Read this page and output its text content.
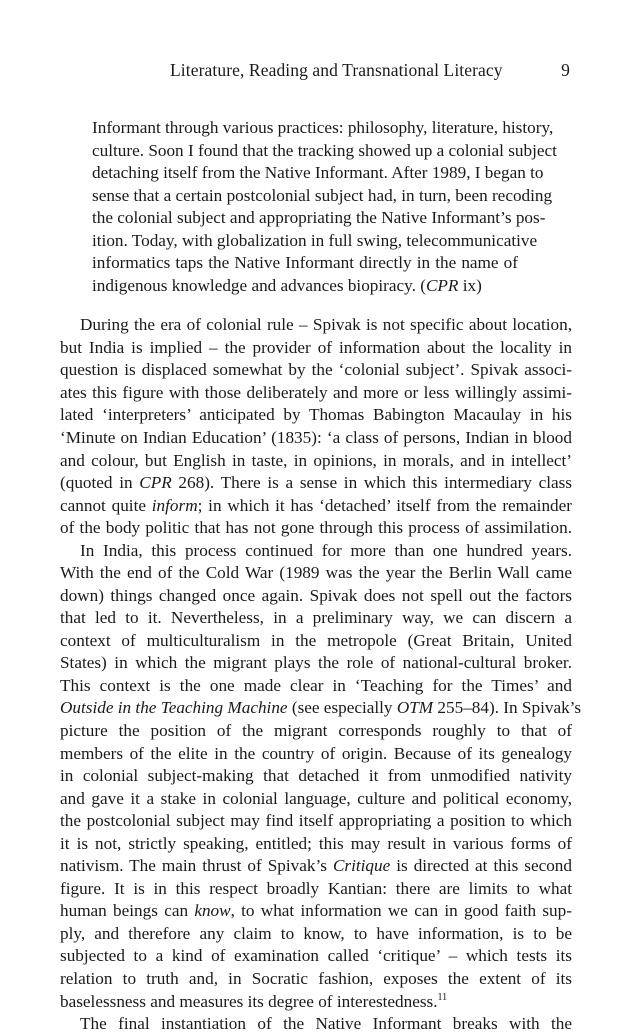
Literature, Reading and Transnational Literacy	9
Informant through various practices: philosophy, literature, history,
culture. Soon I found that the tracking showed up a colonial subject
detaching itself from the Native Informant. After 1989, I began to
sense that a certain postcolonial subject had, in turn, been recoding
the colonial subject and appropriating the Native Informant’s pos-
ition. Today, with globalization in full swing, telecommunicative
informatics taps the Native Informant directly in the name of
indigenous knowledge and advances biopiracy. (CPR ix)
During the era of colonial rule – Spivak is not specific about location,
but India is implied – the provider of information about the locality in
question is displaced somewhat by the ‘colonial subject’. Spivak associ-
ates this figure with those deliberately and more or less willingly assimi-
lated ‘interpreters’ anticipated by Thomas Babington Macaulay in his
‘Minute on Indian Education’ (1835): ‘a class of persons, Indian in blood
and colour, but English in taste, in opinions, in morals, and in intellect’
(quoted in CPR 268). There is a sense in which this intermediary class
cannot quite inform; in which it has ‘detached’ itself from the remainder
of the body politic that has not gone through this process of assimilation.
In India, this process continued for more than one hundred years.
With the end of the Cold War (1989 was the year the Berlin Wall came
down) things changed once again. Spivak does not spell out the factors
that led to it. Nevertheless, in a preliminary way, we can discern a
context of multiculturalism in the metropole (Great Britain, United
States) in which the migrant plays the role of national-cultural broker.
This context is the one made clear in ‘Teaching for the Times’ and
Outside in the Teaching Machine (see especially OTM 255–84). In Spivak’s
picture the position of the migrant corresponds roughly to that of
members of the elite in the country of origin. Because of its genealogy
in colonial subject-making that detached it from unmodified nativity
and gave it a stake in colonial language, culture and political economy,
the postcolonial subject may find itself appropriating a position to which
it is not, strictly speaking, entitled; this may result in various forms of
nativism. The main thrust of Spivak’s Critique is directed at this second
figure. It is in this respect broadly Kantian: there are limits to what
human beings can know, to what information we can in good faith sup-
ply, and therefore any claim to know, to have information, is to be
subjected to a kind of examination called ‘critique’ – which tests its
relation to truth and, in Socratic fashion, exposes the extent of its
baselessness and measures its degree of interestedness.$^{11}$
The final instantiation of the Native Informant breaks with the
